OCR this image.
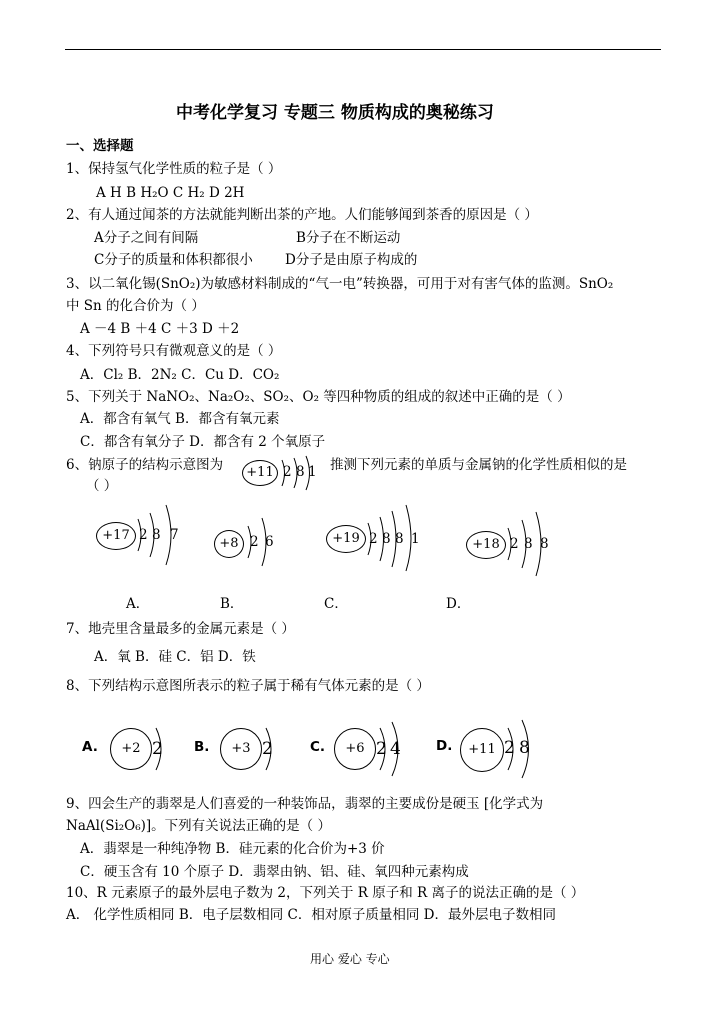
中考化学复习 专题三 物质构成的奥秘练习
一、选择题
1、保持氢气化学性质的粒子是（ ）
A H B H₂O C H₂ D 2H
2、有人通过闻茶的方法就能判断出茶的产地。人们能够闻到茶香的原因是（ ）
A分子之间有间隔	B分子在不断运动
C分子的质量和体积都很小 D分子是由原子构成的
3、以二氧化锡(SnO₂)为敏感材料制成的“气一电”转换器，可用于对有害气体的监测。SnO₂
中 Sn 的化合价为（ ）
A －4 B ＋4 C ＋3 D ＋2
4、下列符号只有微观意义的是（ ）
A．Cl₂ B．2N₂ C．Cu D．CO₂
5、下列关于 NaNO₂、Na₂O₂、SO₂、O₂ 等四种物质的组成的叙述中正确的是（ ）
A．都含有氧气 B．都含有氧元素
C．都含有氧分子 D．都含有 2 个氧原子
6、钠原子的结构示意图为	推测下列元素的单质与金属钠的化学性质相似的是
（ ）
+11 2 8 1
+17 2 8 7
+8 2 6	+19 2 8 8 1	+18 2 8 8
A．	B．	C．	D．
7、地壳里含量最多的金属元素是（ ）
A．氧 B．硅 C．铝 D．铁
8、下列结构示意图所表示的粒子属于稀有气体元素的是（ ）
A.	+2 2 B.	+3 2	C.	+6 2 4	D.	+11 2 8
9、四会生产的翡翠是人们喜爱的一种装饰品，翡翠的主要成份是硬玉 [化学式为
NaAl(Si₂O₆)]。下列有关说法正确的是（ ）
A．翡翠是一种纯净物 B．硅元素的化合价为+3 价
C．硬玉含有 10 个原子 D．翡翠由钠、铝、硅、氧四种元素构成
10、R 元素原子的最外层电子数为 2，下列关于 R 原子和 R 离子的说法正确的是（ ）
A． 化学性质相同 B．电子层数相同 C．相对原子质量相同 D．最外层电子数相同
用心 爱心 专心
